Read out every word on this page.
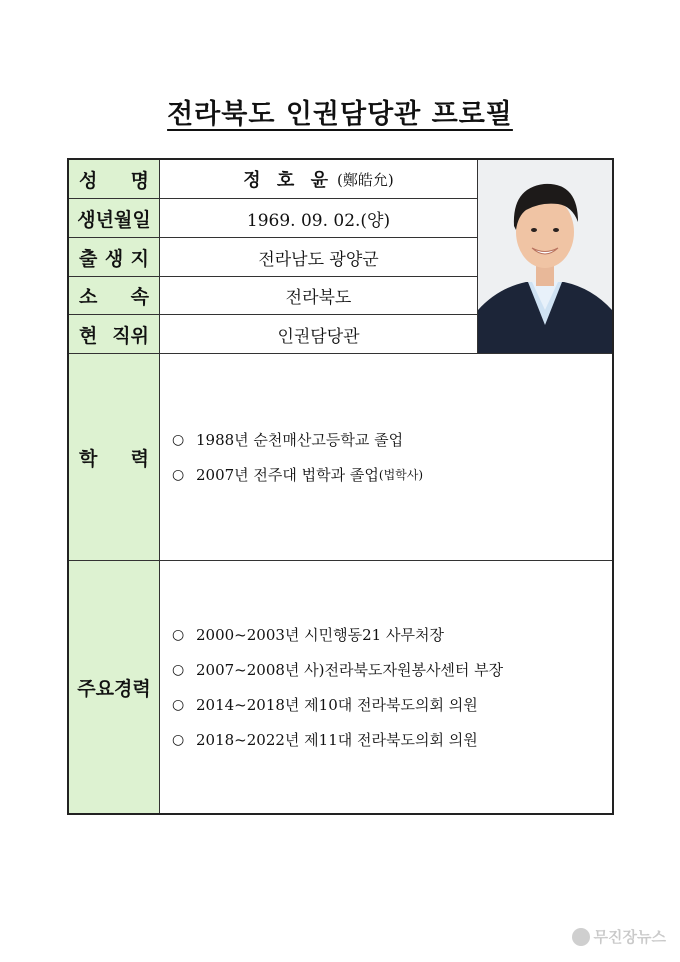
전라북도 인권담당관 프로필
성 명	정 호 윤 (鄭皓允)
생년월일	1969. 09. 02.(양)
출 생 지	전라남도 광양군
소 속	전라북도
현 직위	인권담당관
학 력
○ 1988년 순천매산고등학교 졸업
○ 2007년 전주대 법학과 졸업 (법학사)
주요경력
○ 2000~2003년 시민행동21 사무처장
○ 2007~2008년 사)전라북도자원봉사센터 부장
○ 2014~2018년 제10대 전라북도의회 의원
○ 2018~2022년 제11대 전라북도의회 의원
무진장뉴스
